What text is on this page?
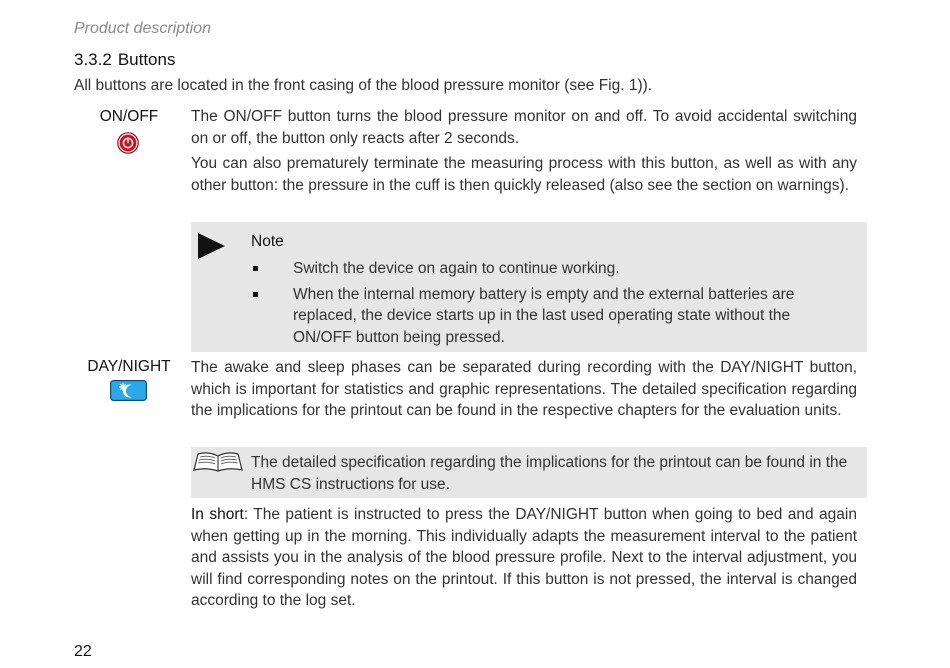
Product description
3.3.2 Buttons
All buttons are located in the front casing of the blood pressure monitor (see Fig. 1)).
ON/OFF The ON/OFF button turns the blood pressure monitor on and off. To avoid accidental switching on or off, the button only reacts after 2 seconds.

You can also prematurely terminate the measuring process with this button, as well as with any other button: the pressure in the cuff is then quickly released (also see the section on warnings).

Note
Switch the device on again to continue working.
When the internal memory battery is empty and the external batteries are replaced, the device starts up in the last used operating state without the ON/OFF button being pressed.
DAY/NIGHT The awake and sleep phases can be separated during recording with the DAY/NIGHT button, which is important for statistics and graphic representations. The detailed specification regarding the implications for the printout can be found in the respective chapters for the evaluation units.

The detailed specification regarding the implications for the printout can be found in the HMS CS instructions for use.

In short: The patient is instructed to press the DAY/NIGHT button when going to bed and again when getting up in the morning. This individually adapts the measurement interval to the patient and assists you in the analysis of the blood pressure profile. Next to the interval adjustment, you will find corresponding notes on the printout. If this button is not pressed, the interval is changed according to the log set.

22
